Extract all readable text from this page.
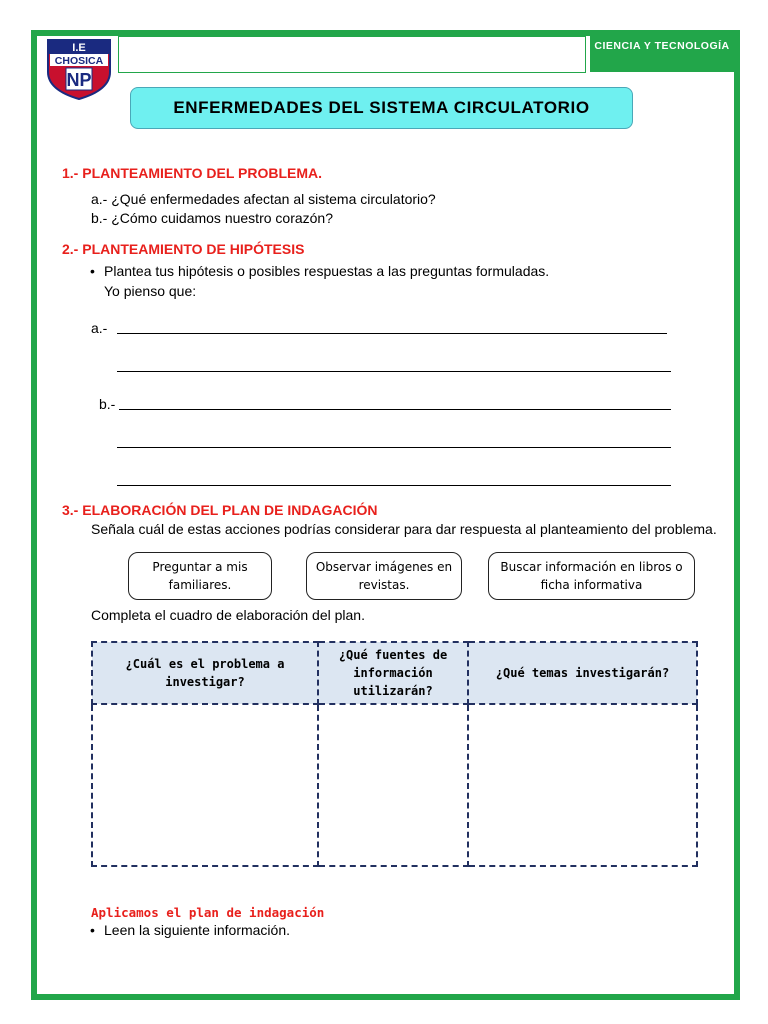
I.E
CHOSICA
NP
CIENCIA Y TECNOLOGÍA
ENFERMEDADES DEL SISTEMA CIRCULATORIO
1.- PLANTEAMIENTO DEL PROBLEMA.
a.- ¿Qué enfermedades afectan al sistema circulatorio?
b.- ¿Cómo cuidamos nuestro corazón?
2.- PLANTEAMIENTO DE HIPÓTESIS
• Plantea tus hipótesis o posibles respuestas a las preguntas formuladas.
Yo pienso que:
a.-
b.-
3.- ELABORACIÓN DEL PLAN DE INDAGACIÓN
Señala cuál de estas acciones podrías considerar para dar respuesta al planteamiento del problema.
Preguntar a mis familiares.
Observar imágenes en revistas.
Buscar información en libros o ficha informativa
Completa el cuadro de elaboración del plan.
¿Cuál es el problema a investigar?	¿Qué fuentes de información utilizarán?	¿Qué temas investigarán?

Aplicamos el plan de indagación
• Leen la siguiente información.
